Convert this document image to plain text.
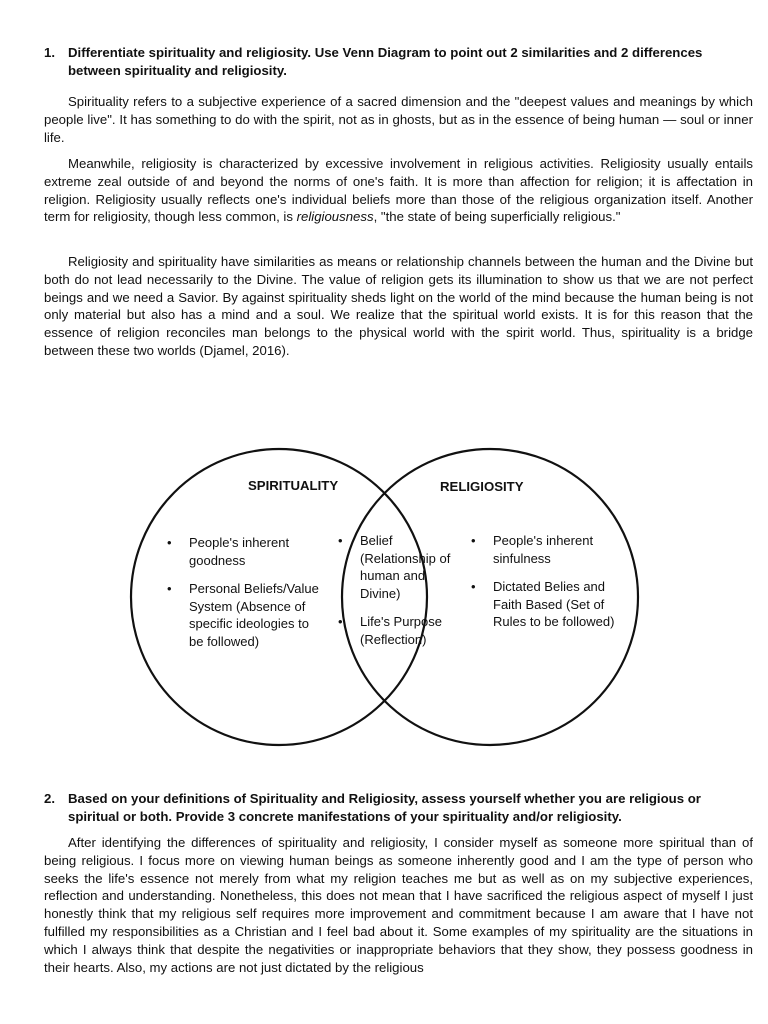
1. Differentiate spirituality and religiosity. Use Venn Diagram to point out 2 similarities and 2 differences between spirituality and religiosity.

Spirituality refers to a subjective experience of a sacred dimension and the "deepest values and meanings by which people live". It has something to do with the spirit, not as in ghosts, but as in the essence of being human — soul or inner life.

Meanwhile, religiosity is characterized by excessive involvement in religious activities. Religiosity usually entails extreme zeal outside of and beyond the norms of one's faith. It is more than affection for religion; it is affectation in religion. Religiosity usually reflects one's individual beliefs more than those of the religious organization itself. Another term for religiosity, though less common, is religiousness, "the state of being superficially religious."

Religiosity and spirituality have similarities as means or relationship channels between the human and the Divine but both do not lead necessarily to the Divine. The value of religion gets its illumination to show us that we are not perfect beings and we need a Savior. By against spirituality sheds light on the world of the mind because the human being is not only material but also has a mind and a soul. We realize that the spiritual world exists. It is for this reason that the essence of religion reconciles man belongs to the physical world with the spirit world. Thus, spirituality is a bridge between these two worlds (Djamel, 2016).

SPIRITUALITY	RELIGIOSITY
• People's inherent goodness
• Personal Beliefs/Value System (Absence of specific ideologies to be followed)
• Belief (Relationship of human and Divine)
• Life's Purpose (Reflection)
• People's inherent sinfulness
• Dictated Belies and Faith Based (Set of Rules to be followed)
2. Based on your definitions of Spirituality and Religiosity, assess yourself whether you are religious or spiritual or both. Provide 3 concrete manifestations of your spirituality and/or religiosity.

After identifying the differences of spirituality and religiosity, I consider myself as someone more spiritual than of being religious. I focus more on viewing human beings as someone inherently good and I am the type of person who seeks the life's essence not merely from what my religion teaches me but as well as on my subjective experiences, reflection and understanding. Nonetheless, this does not mean that I have sacrificed the religious aspect of myself I just honestly think that my religious self requires more improvement and commitment because I am aware that I have not fulfilled my responsibilities as a Christian and I feel bad about it. Some examples of my spirituality are the situations in which I always think that despite the negativities or inappropriate behaviors that they show, they possess goodness in their hearts. Also, my actions are not just dictated by the religious
